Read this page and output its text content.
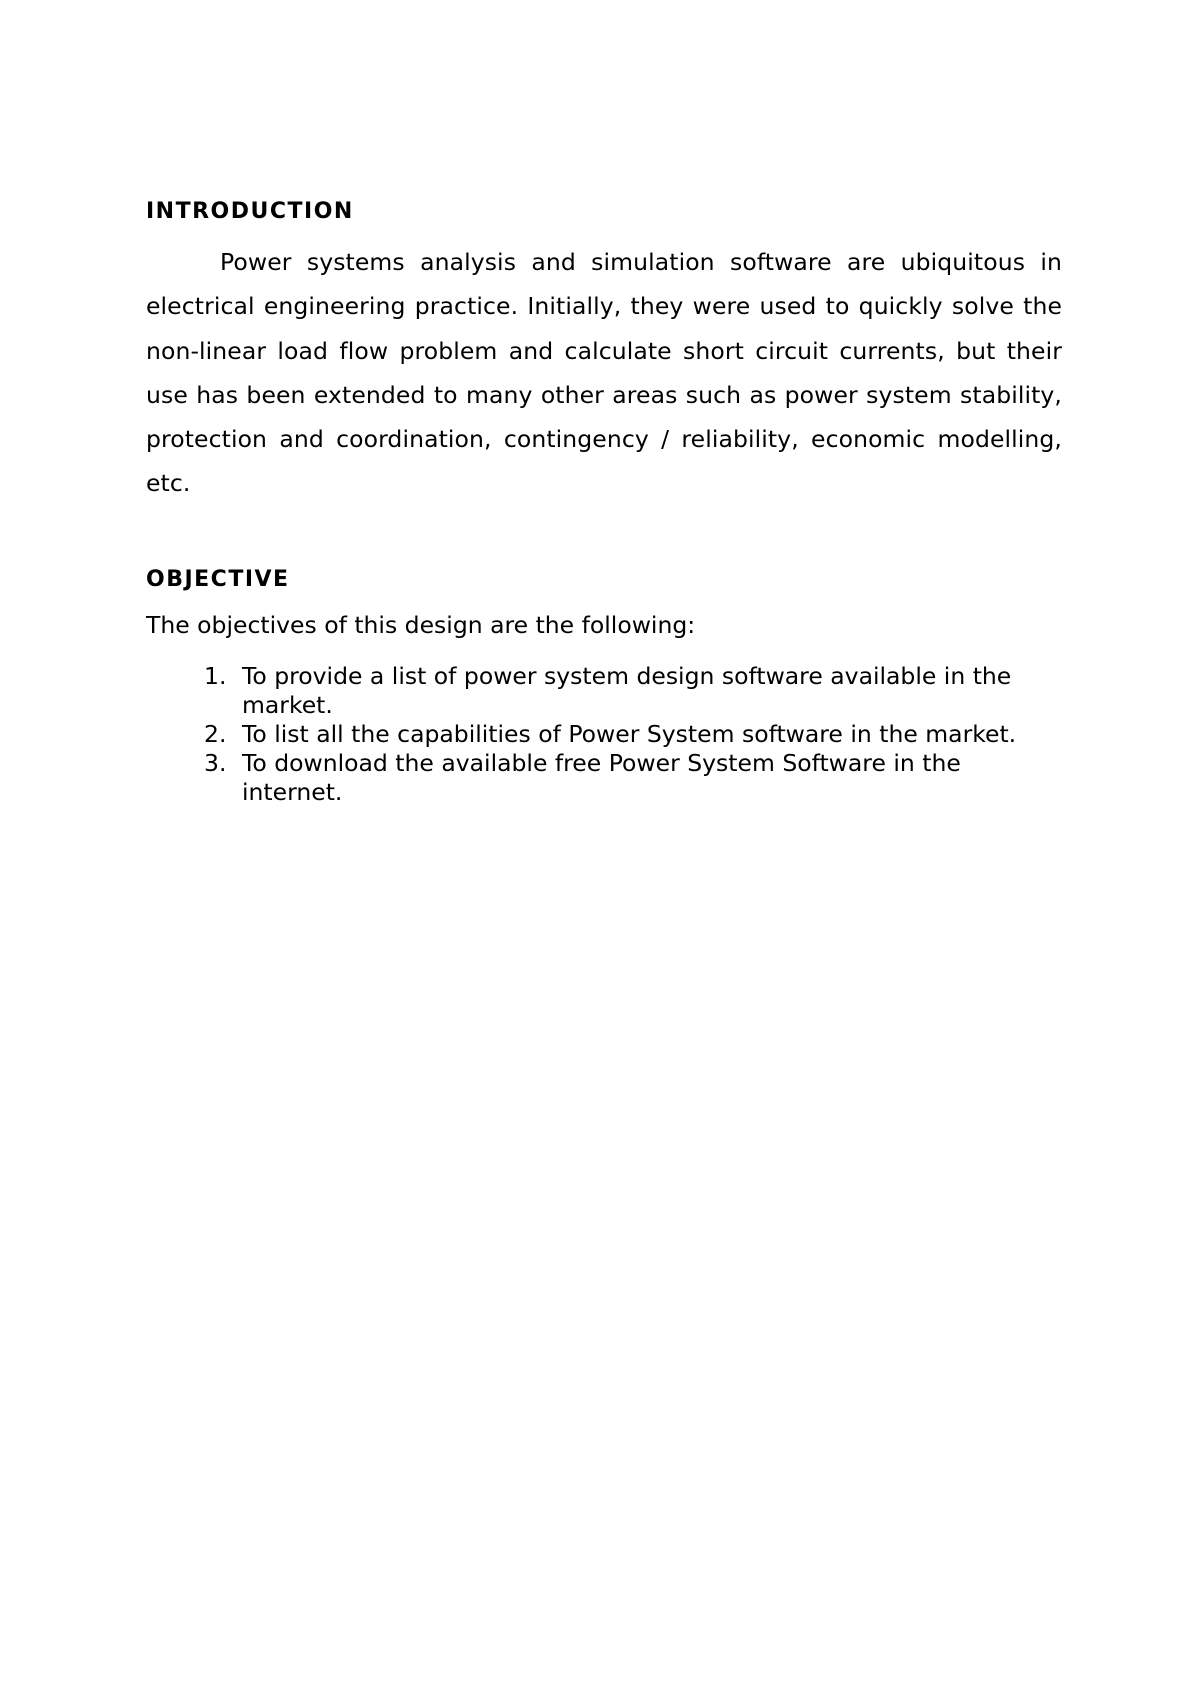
INTRODUCTION

Power systems analysis and simulation software are ubiquitous in electrical engineering practice. Initially, they were used to quickly solve the non-linear load flow problem and calculate short circuit currents, but their use has been extended to many other areas such as power system stability, protection and coordination, contingency / reliability, economic modelling, etc.

OBJECTIVE

The objectives of this design are the following:

1. To provide a list of power system design software available in the market.
2. To list all the capabilities of Power System software in the market.
3. To download the available free Power System Software in the internet.
